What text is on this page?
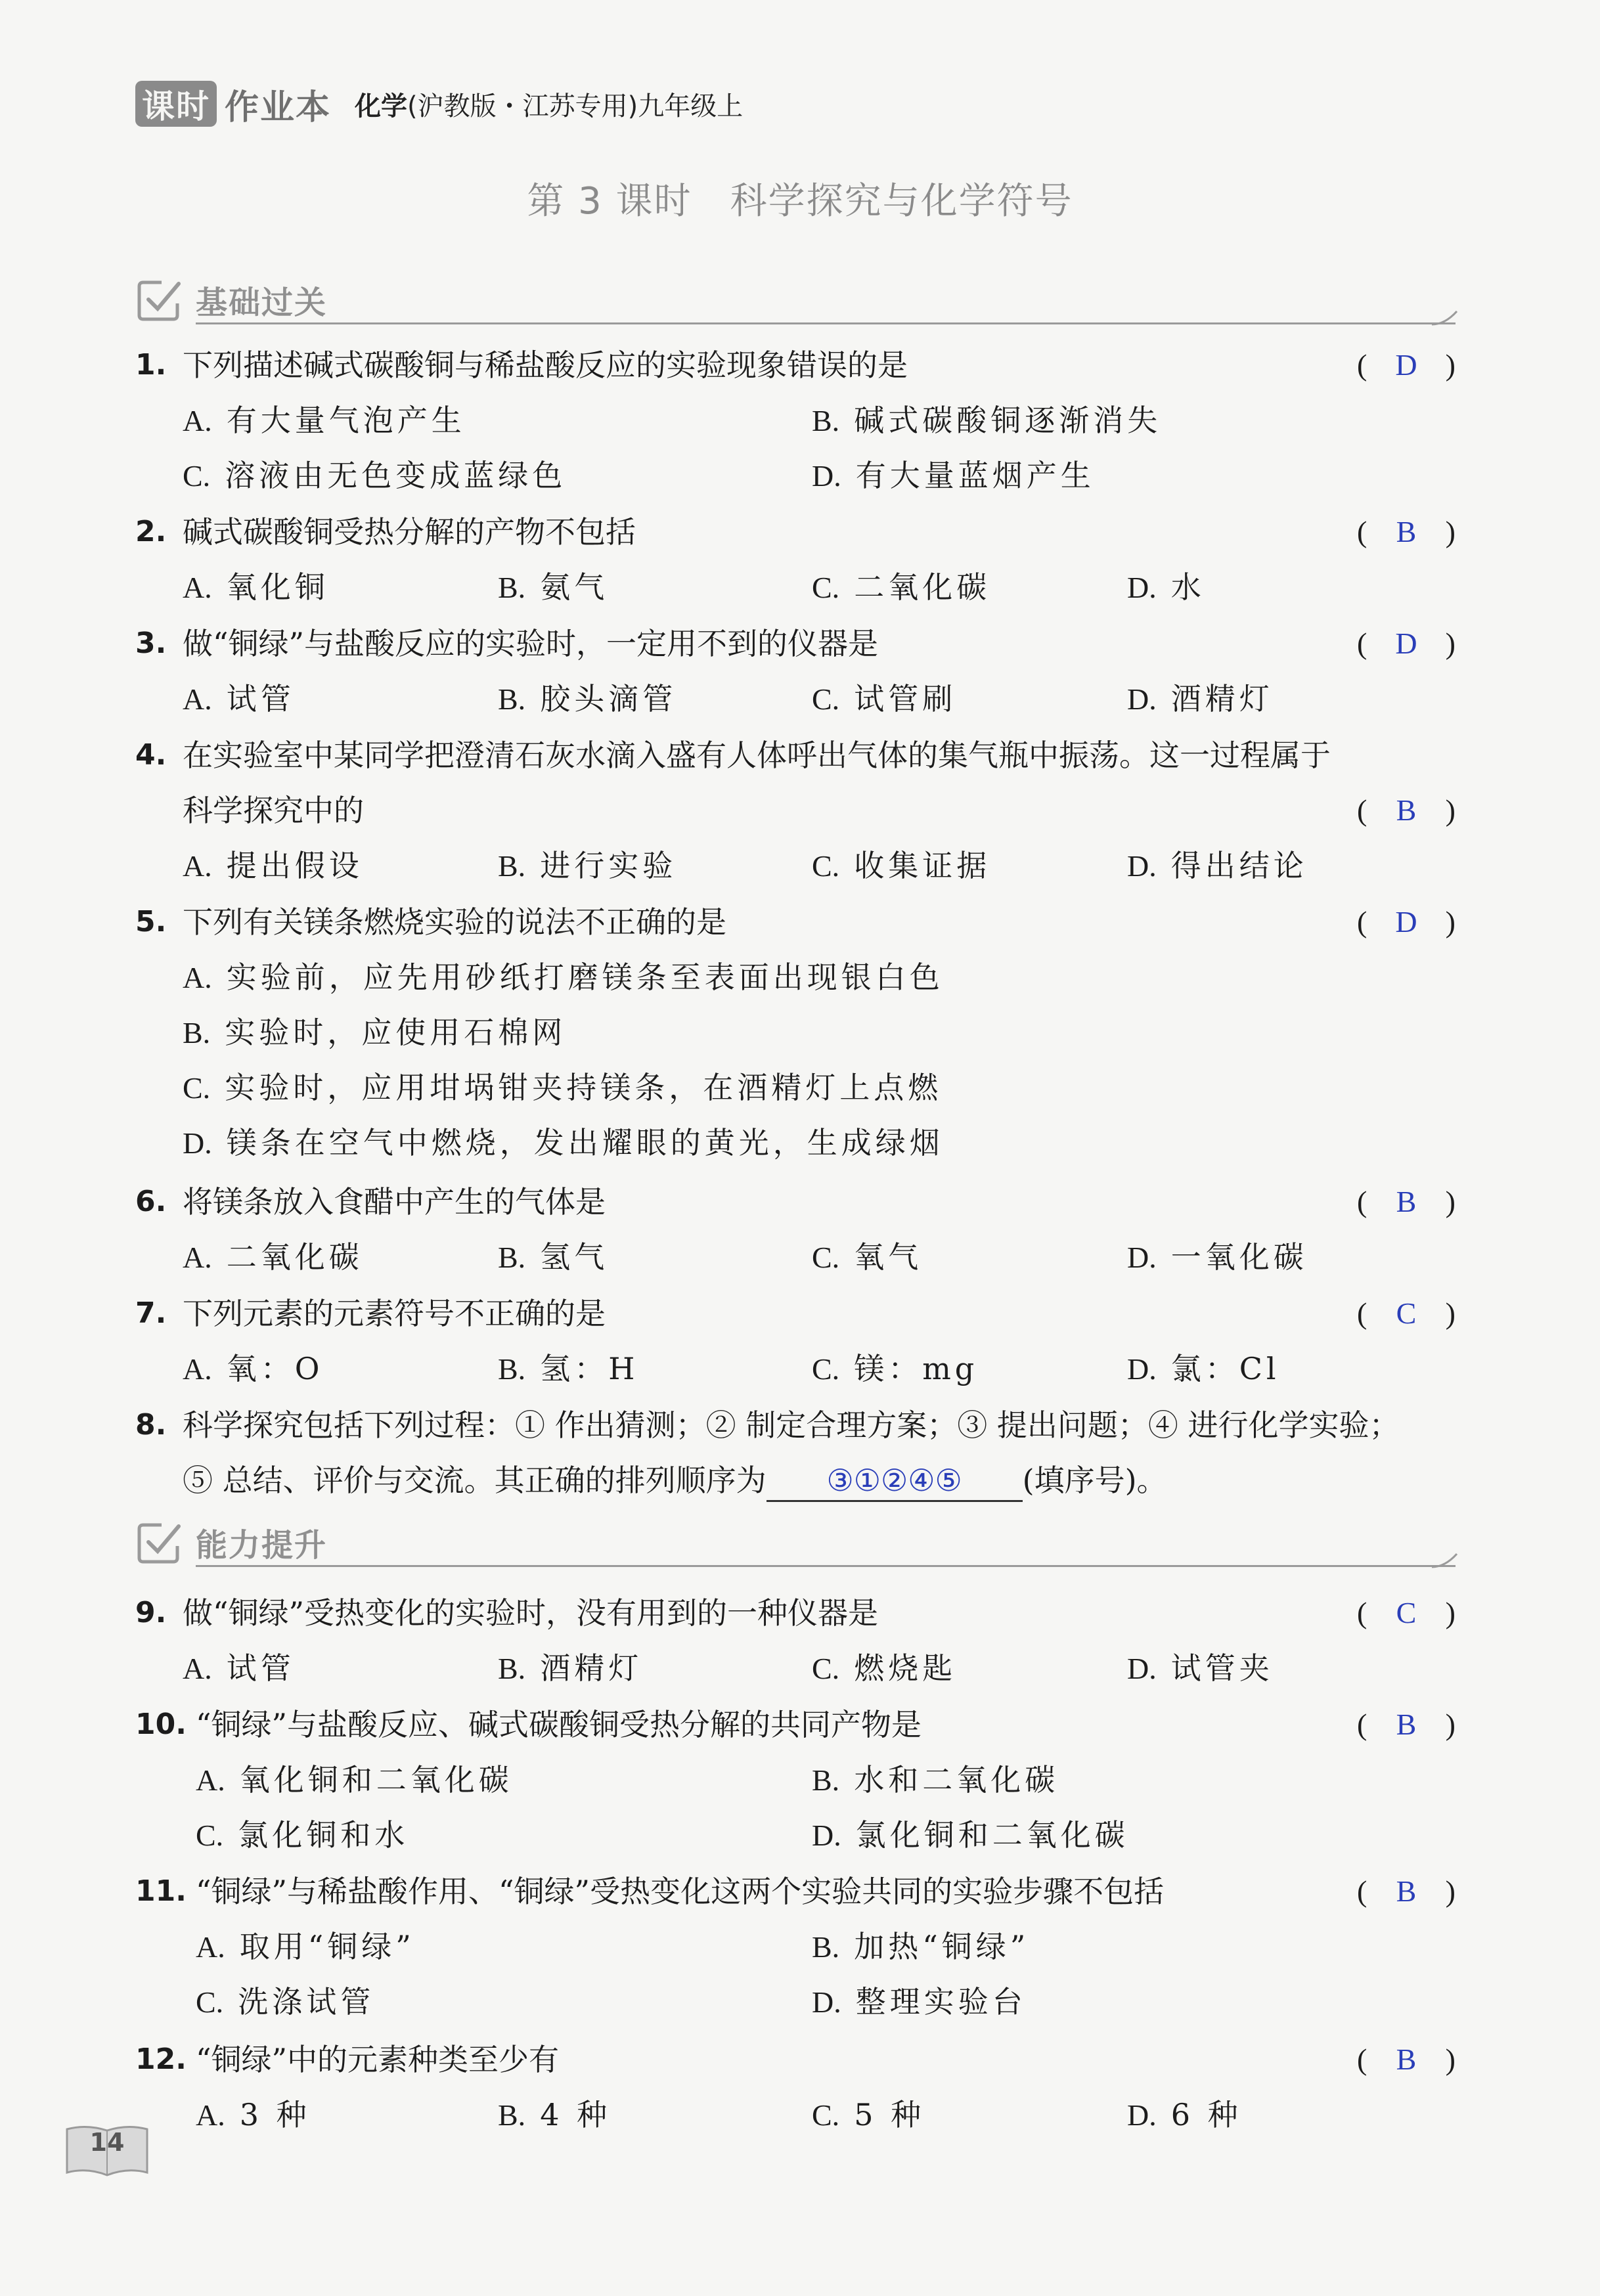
课时 作业本 化学(沪教版・江苏专用)九年级上
第 3 课时　科学探究与化学符号
基础过关
1. 下列描述碱式碳酸铜与稀盐酸反应的实验现象错误的是	( D )
A. 有大量气泡产生	B. 碱式碳酸铜逐渐消失
C. 溶液由无色变成蓝绿色	D. 有大量蓝烟产生
2. 碱式碳酸铜受热分解的产物不包括	( B )
A. 氧化铜	B. 氨气	C. 二氧化碳	D. 水
3. 做“铜绿”与盐酸反应的实验时，一定用不到的仪器是	( D )
A. 试管	B. 胶头滴管	C. 试管刷	D. 酒精灯
4. 在实验室中某同学把澄清石灰水滴入盛有人体呼出气体的集气瓶中振荡。这一过程属于
科学探究中的	( B )
A. 提出假设	B. 进行实验	C. 收集证据	D. 得出结论
5. 下列有关镁条燃烧实验的说法不正确的是	( D )
A. 实验前，应先用砂纸打磨镁条至表面出现银白色
B. 实验时，应使用石棉网
C. 实验时，应用坩埚钳夹持镁条，在酒精灯上点燃
D. 镁条在空气中燃烧，发出耀眼的黄光，生成绿烟
6. 将镁条放入食醋中产生的气体是	( B )
A. 二氧化碳	B. 氢气	C. 氧气	D. 一氧化碳
7. 下列元素的元素符号不正确的是	( C )
A. 氧：O	B. 氢：H	C. 镁：mg	D. 氯：Cl
8. 科学探究包括下列过程：① 作出猜测；② 制定合理方案；③ 提出问题；④ 进行化学实验；
⑤ 总结、评价与交流。其正确的排列顺序为 ③①②④⑤ (填序号)。
能力提升
9. 做“铜绿”受热变化的实验时，没有用到的一种仪器是	( C )
A. 试管	B. 酒精灯	C. 燃烧匙	D. 试管夹
10. “铜绿”与盐酸反应、碱式碳酸铜受热分解的共同产物是	( B )
A. 氧化铜和二氧化碳	B. 水和二氧化碳
C. 氯化铜和水	D. 氯化铜和二氧化碳
11. “铜绿”与稀盐酸作用、“铜绿”受热变化这两个实验共同的实验步骤不包括	( B )
A. 取用“铜绿”	B. 加热“铜绿”
C. 洗涤试管	D. 整理实验台
12. “铜绿”中的元素种类至少有	( B )
A. 3 种	B. 4 种	C. 5 种	D. 6 种
14
